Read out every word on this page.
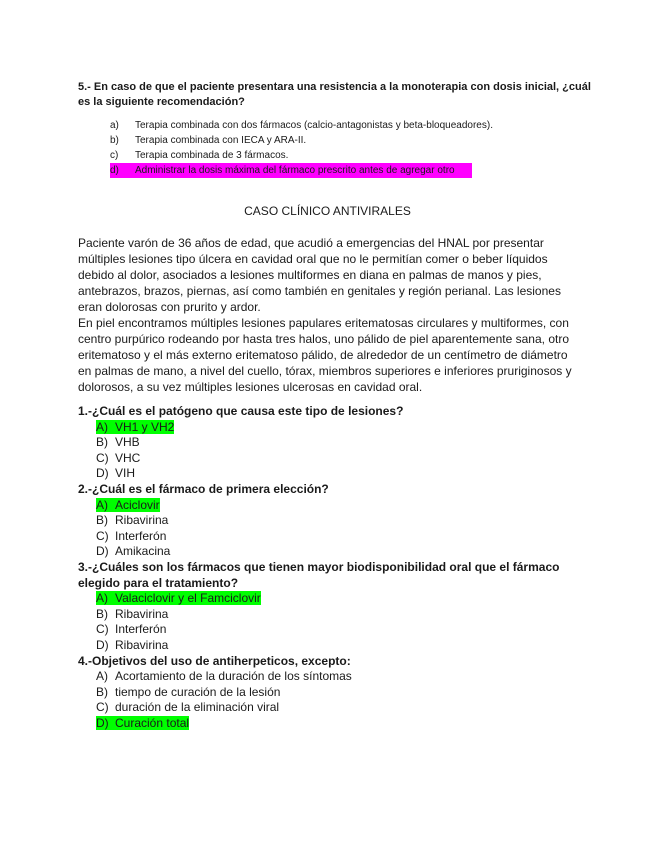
5.- En caso de que el paciente presentara una resistencia a la monoterapia con dosis inicial, ¿cuál es la siguiente recomendación?
a)	Terapia combinada con dos fármacos (calcio-antagonistas y beta-bloqueadores).
b)	Terapia combinada con IECA y ARA-II.
c)	Terapia combinada de 3 fármacos.
d)	Administrar la dosis máxima del fármaco prescrito antes de agregar otro
CASO CLÍNICO ANTIVIRALES

Paciente varón de 36 años de edad, que acudió a emergencias del HNAL por presentar múltiples lesiones tipo úlcera en cavidad oral que no le permitían comer o beber líquidos debido al dolor, asociados a lesiones multiformes en diana en palmas de manos y pies, antebrazos, brazos, piernas, así como también en genitales y región perianal. Las lesiones eran dolorosas con prurito y ardor.

En piel encontramos múltiples lesiones papulares eritematosas circulares y multiformes, con centro purpúrico rodeando por hasta tres halos, uno pálido de piel aparentemente sana, otro eritematoso y el más externo eritematoso pálido, de alrededor de un centímetro de diámetro en palmas de mano, a nivel del cuello, tórax, miembros superiores e inferiores pruriginosos y dolorosos, a su vez múltiples lesiones ulcerosas en cavidad oral.

1.-¿Cuál es el patógeno que causa este tipo de lesiones?
A) VH1 y VH2
B) VHB
C) VHC
D) VIH
2.-¿Cuál es el fármaco de primera elección?
A) Aciclovir
B) Ribavirina
C) Interferón
D) Amikacina
3.-¿Cuáles son los fármacos que tienen mayor biodisponibilidad oral que el fármaco elegido para el tratamiento?
A) Valaciclovir y el Famciclovir
B) Ribavirina
C) Interferón
D) Ribavirina
4.-Objetivos del uso de antiherpeticos, excepto:
A) Acortamiento de la duración de los síntomas
B) tiempo de curación de la lesión
C) duración de la eliminación viral
D) Curación total
